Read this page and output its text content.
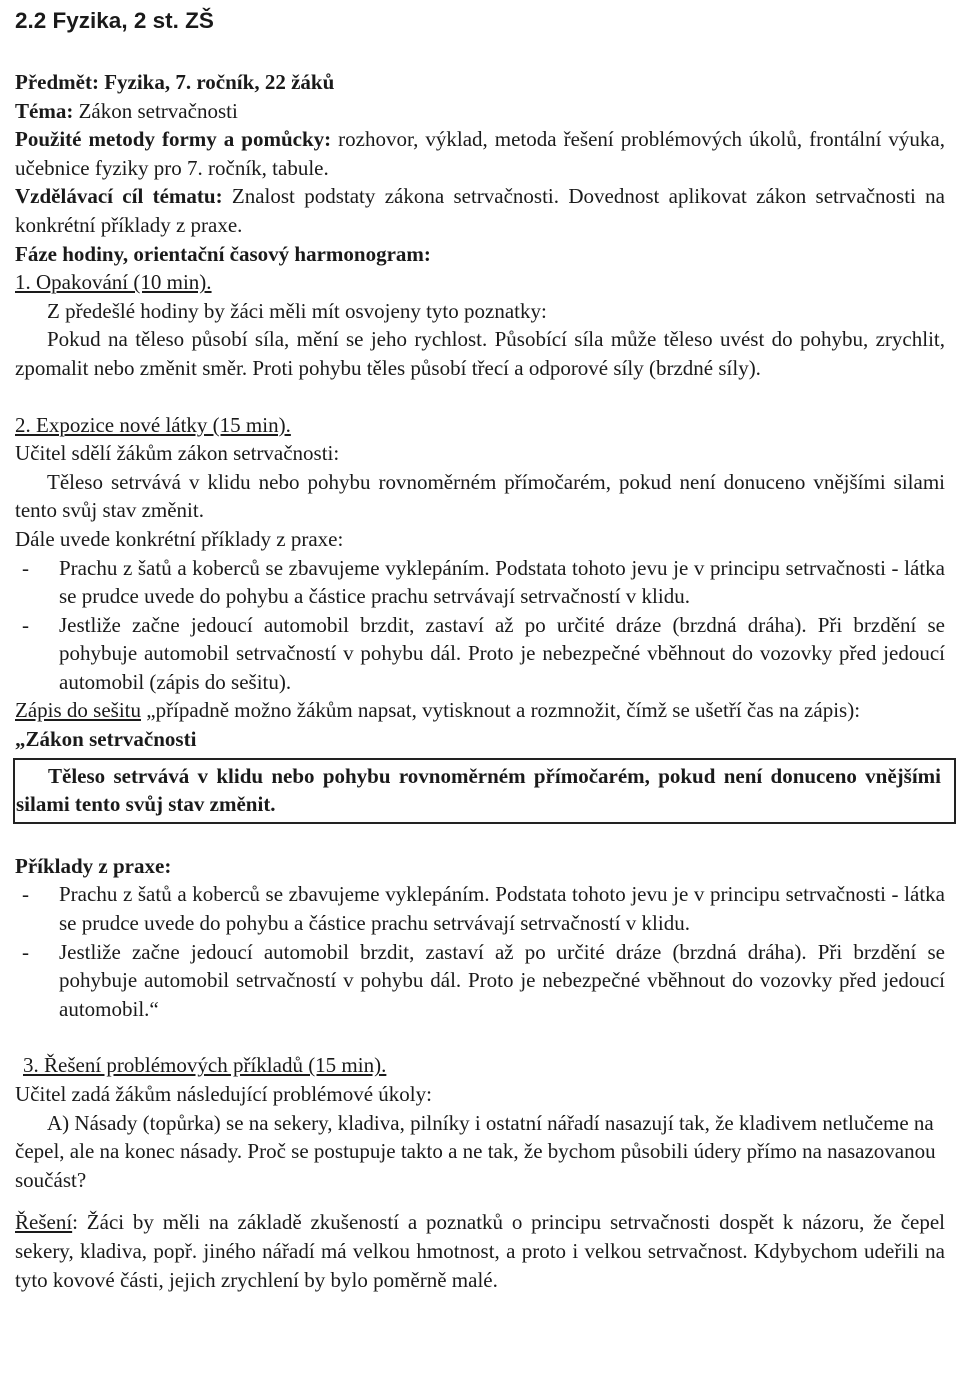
2.2 Fyzika, 2 st. ZŠ

Předmět: Fyzika, 7. ročník, 22 žáků

Téma: Zákon setrvačnosti

Použité metody formy a pomůcky: rozhovor, výklad, metoda řešení problémových úkolů, frontální výuka, učebnice fyziky pro 7. ročník, tabule.

Vzdělávací cíl tématu: Znalost podstaty zákona setrvačnosti. Dovednost aplikovat zákon setrvačnosti na konkrétní příklady z praxe.

Fáze hodiny, orientační časový harmonogram:

1. Opakování (10 min).

Z předešlé hodiny by žáci měli mít osvojeny tyto poznatky:

Pokud na těleso působí síla, mění se jeho rychlost. Působící síla může těleso uvést do pohybu, zrychlit, zpomalit nebo změnit směr. Proti pohybu těles působí třecí a odporové síly (brzdné síly).

2. Expozice nové látky (15 min).

Učitel sdělí žákům zákon setrvačnosti:

Těleso setrvává v klidu nebo pohybu rovnoměrném přímočarém, pokud není donuceno vnějšími silami tento svůj stav změnit.

Dále uvede konkrétní příklady z praxe:

- Prachu z šatů a koberců se zbavujeme vyklepáním. Podstata tohoto jevu je v principu setrvačnosti - látka se prudce uvede do pohybu a částice prachu setrvávají setrvačností v klidu.
- Jestliže začne jedoucí automobil brzdit, zastaví až po určité dráze (brzdná dráha). Při brzdění se pohybuje automobil setrvačností v pohybu dál. Proto je nebezpečné vběhnout do vozovky před jedoucí automobil (zápis do sešitu).

Zápis do sešitu „případně možno žákům napsat, vytisknout a rozmnožit, čímž se ušetří čas na zápis):

„Zákon setrvačnosti

Těleso setrvává v klidu nebo pohybu rovnoměrném přímočarém, pokud není donuceno vnějšími silami tento svůj stav změnit.

Příklady z praxe:

- Prachu z šatů a koberců se zbavujeme vyklepáním. Podstata tohoto jevu je v principu setrvačnosti - látka se prudce uvede do pohybu a částice prachu setrvávají setrvačností v klidu.
- Jestliže začne jedoucí automobil brzdit, zastaví až po určité dráze (brzdná dráha). Při brzdění se pohybuje automobil setrvačností v pohybu dál. Proto je nebezpečné vběhnout do vozovky před jedoucí automobil.“

3. Řešení problémových příkladů (15 min).

Učitel zadá žákům následující problémové úkoly:

A) Násady (topůrka) se na sekery, kladiva, pilníky i ostatní nářadí nasazují tak, že kladivem netlučeme na čepel, ale na konec násady. Proč se postupuje takto a ne tak, že bychom působili údery přímo na nasazovanou součást?

Řešení: Žáci by měli na základě zkušeností a poznatků o principu setrvačnosti dospět k názoru, že čepel sekery, kladiva, popř. jiného nářadí má velkou hmotnost, a proto i velkou setrvačnost. Kdybychom udeřili na tyto kovové části, jejich zrychlení by bylo poměrně malé.
